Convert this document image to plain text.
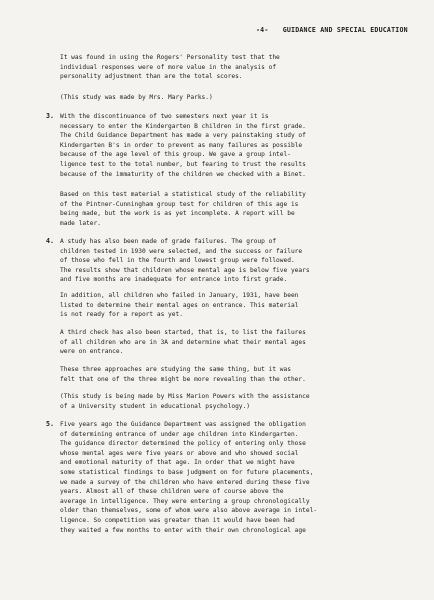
-4- GUIDANCE AND SPECIAL EDUCATION
It was found in using the Rogers' Personality test that the
individual responses were of more value in the analysis of
personality adjustment than are the total scores.
(This study was made by Mrs. Mary Parks.)
3. With the discontinuance of two semesters next year it is
necessary to enter the Kindergarten B children in the first grade.
The Child Guidance Department has made a very painstaking study of
Kindergarten B's in order to prevent as many failures as possible
because of the age level of this group. We gave a group intel-
ligence test to the total number, but fearing to trust the results
because of the immaturity of the children we checked with a Binet.
Based on this test material a statistical study of the reliability
of the Pintner-Cunningham group test for children of this age is
being made, but the work is as yet incomplete. A report will be
made later.
4. A study has also been made of grade failures. The group of
children tested in 1930 were selected, and the success or failure
of those who fell in the fourth and lowest group were followed.
The results show that children whose mental age is below five years
and five months are inadequate for entrance into first grade.
In addition, all children who failed in January, 1931, have been
listed to determine their mental ages on entrance. This material
is not ready for a report as yet.
A third check has also been started, that is, to list the failures
of all children who are in 3A and determine what their mental ages
were on entrance.
These three approaches are studying the same thing, but it was
felt that one of the three might be more revealing than the other.
(This study is being made by Miss Marion Powers with the assistance
of a University student in educational psychology.)
5. Five years ago the Guidance Department was assigned the obligation
of determining entrance of under age children into Kindergarten.
The guidance director determined the policy of entering only those
whose mental ages were five years or above and who showed social
and emotional maturity of that age. In order that we might have
some statistical findings to base judgment on for future placements,
we made a survey of the children who have entered during these five
years. Almost all of these children were of course above the
average in intelligence. They were entering a group chronologically
older than themselves, some of whom were also above average in intel-
ligence. So competition was greater than it would have been had
they waited a few months to enter with their own chronological age
